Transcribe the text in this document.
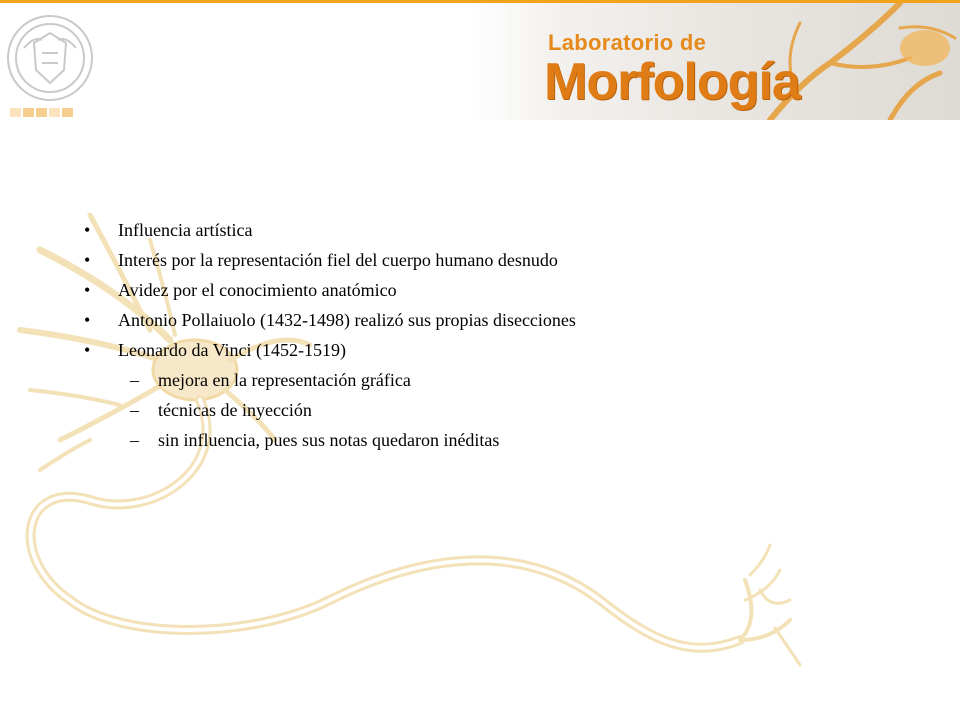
Laboratorio de
Morfología
•	Influencia artística
•	Interés por la representación fiel del cuerpo humano desnudo
•	Avidez por el conocimiento anatómico
•	Antonio Pollaiuolo (1432-1498) realizó sus propias disecciones
•	Leonardo da Vinci (1452-1519)
–	mejora en la representación gráfica
–	técnicas de inyección
–	sin influencia, pues sus notas quedaron inéditas
